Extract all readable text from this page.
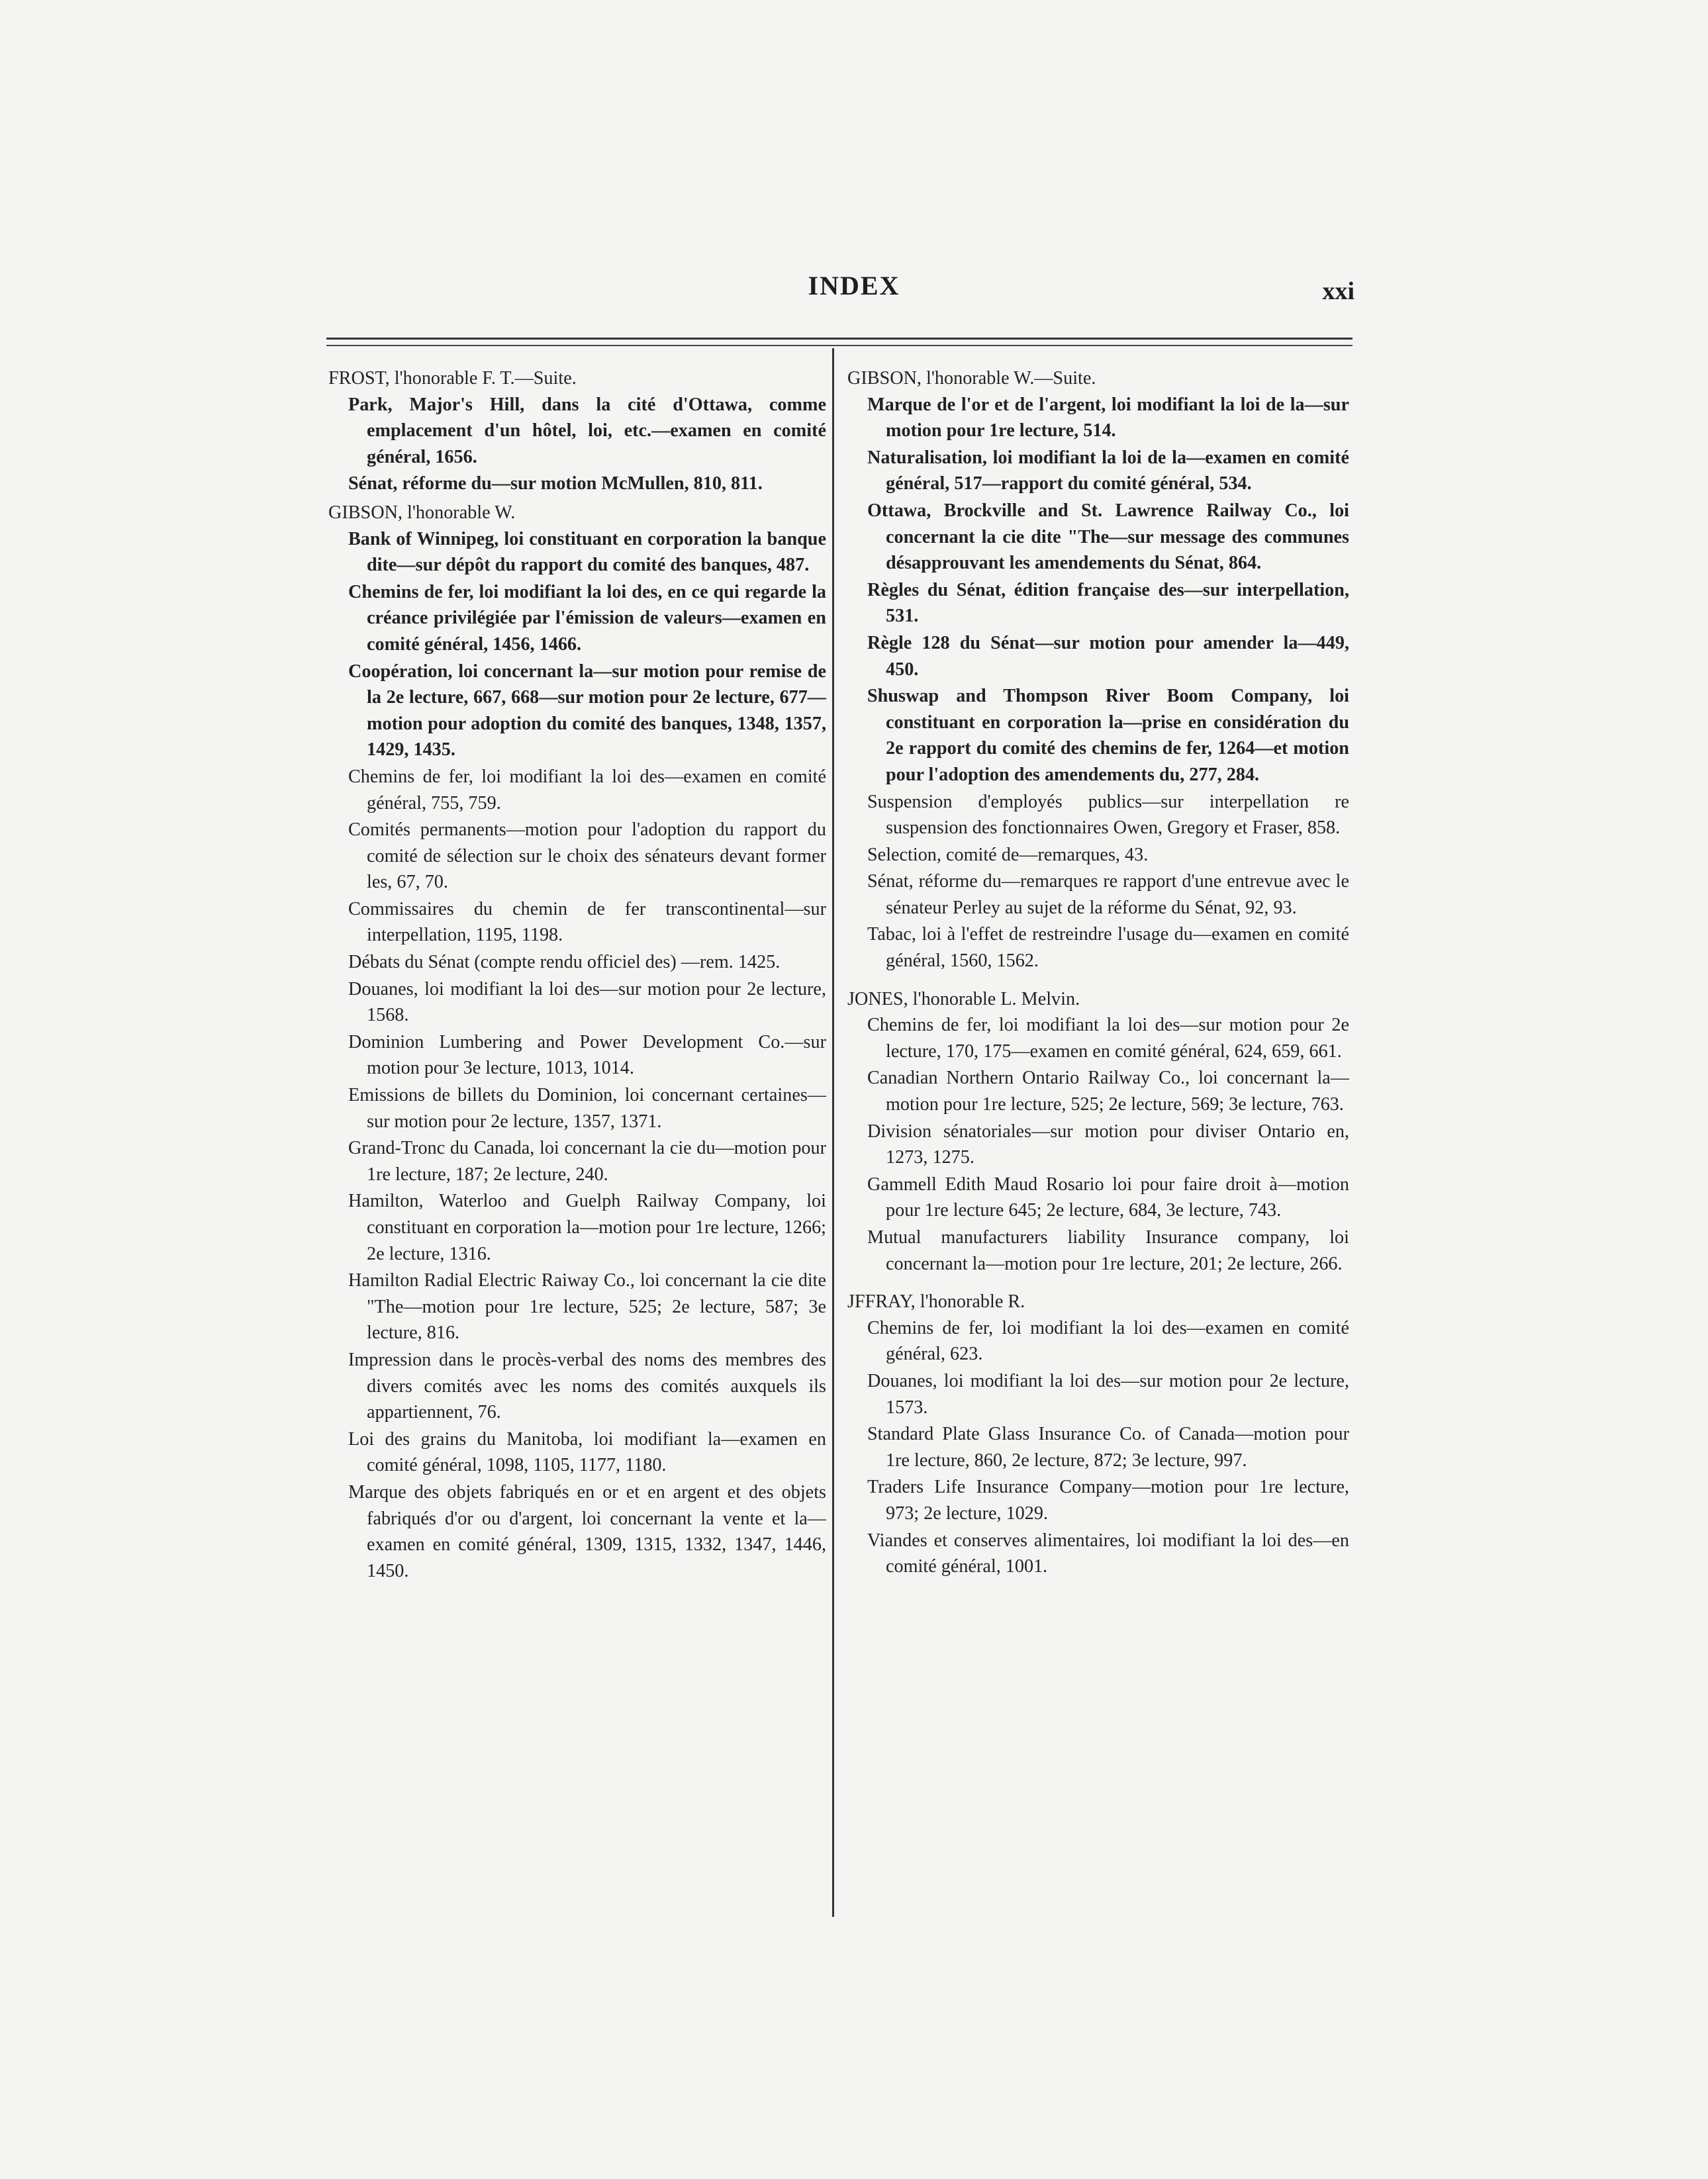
INDEX	xxi
FROST, l'honorable F. T.—Suite.
Park, Major's Hill, dans la cité d'Ottawa, comme emplacement d'un hôtel, loi, etc.—examen en comité général, 1656.
Sénat, réforme du—sur motion McMullen, 810, 811.
GIBSON, l'honorable W.
Bank of Winnipeg, loi constituant en corporation la banque dite—sur dépôt du rapport du comité des banques, 487.
Chemins de fer, loi modifiant la loi des, en ce qui regarde la créance privilégiée par l'émission de valeurs—examen en comité général, 1456, 1466.
Coopération, loi concernant la—sur motion pour remise de la 2e lecture, 667, 668—sur motion pour 2e lecture, 677—motion pour adoption du comité des banques, 1348, 1357, 1429, 1435.
Chemins de fer, loi modifiant la loi des—examen en comité général, 755, 759.
Comités permanents—motion pour l'adoption du rapport du comité de sélection sur le choix des sénateurs devant former les, 67, 70.
Commissaires du chemin de fer transcontinental—sur interpellation, 1195, 1198.
Débats du Sénat (compte rendu officiel des) —rem. 1425.
Douanes, loi modifiant la loi des—sur motion pour 2e lecture, 1568.
Dominion Lumbering and Power Development Co.—sur motion pour 3e lecture, 1013, 1014.
Emissions de billets du Dominion, loi concernant certaines—sur motion pour 2e lecture, 1357, 1371.
Grand-Tronc du Canada, loi concernant la cie du—motion pour 1re lecture, 187; 2e lecture, 240.
Hamilton, Waterloo and Guelph Railway Company, loi constituant en corporation la—motion pour 1re lecture, 1266; 2e lecture, 1316.
Hamilton Radial Electric Raiway Co., loi concernant la cie dite "The—motion pour 1re lecture, 525; 2e lecture, 587; 3e lecture, 816.
Impression dans le procès-verbal des noms des membres des divers comités avec les noms des comités auxquels ils appartiennent, 76.
Loi des grains du Manitoba, loi modifiant la—examen en comité général, 1098, 1105, 1177, 1180.
Marque des objets fabriqués en or et en argent et des objets fabriqués d'or ou d'argent, loi concernant la vente et la—examen en comité général, 1309, 1315, 1332, 1347, 1446, 1450.
GIBSON, l'honorable W.—Suite.
Marque de l'or et de l'argent, loi modifiant la loi de la—sur motion pour 1re lecture, 514.
Naturalisation, loi modifiant la loi de la—examen en comité général, 517—rapport du comité général, 534.
Ottawa, Brockville and St. Lawrence Railway Co., loi concernant la cie dite "The—sur message des communes désapprouvant les amendements du Sénat, 864.
Règles du Sénat, édition française des—sur interpellation, 531.
Règle 128 du Sénat—sur motion pour amender la—449, 450.
Shuswap and Thompson River Boom Company, loi constituant en corporation la—prise en considération du 2e rapport du comité des chemins de fer, 1264—et motion pour l'adoption des amendements du, 277, 284.
Suspension d'employés publics—sur interpellation re suspension des fonctionnaires Owen, Gregory et Fraser, 858.
Selection, comité de—remarques, 43.
Sénat, réforme du—remarques re rapport d'une entrevue avec le sénateur Perley au sujet de la réforme du Sénat, 92, 93.
Tabac, loi à l'effet de restreindre l'usage du—examen en comité général, 1560, 1562.
JONES, l'honorable L. Melvin.
Chemins de fer, loi modifiant la loi des—sur motion pour 2e lecture, 170, 175—examen en comité général, 624, 659, 661.
Canadian Northern Ontario Railway Co., loi concernant la—motion pour 1re lecture, 525; 2e lecture, 569; 3e lecture, 763.
Division sénatoriales—sur motion pour diviser Ontario en, 1273, 1275.
Gammell Edith Maud Rosario loi pour faire droit à—motion pour 1re lecture 645; 2e lecture, 684, 3e lecture, 743.
Mutual manufacturers liability Insurance company, loi concernant la—motion pour 1re lecture, 201; 2e lecture, 266.
JFFRAY, l'honorable R.
Chemins de fer, loi modifiant la loi des—examen en comité général, 623.
Douanes, loi modifiant la loi des—sur motion pour 2e lecture, 1573.
Standard Plate Glass Insurance Co. of Canada—motion pour 1re lecture, 860, 2e lecture, 872; 3e lecture, 997.
Traders Life Insurance Company—motion pour 1re lecture, 973; 2e lecture, 1029.
Viandes et conserves alimentaires, loi modifiant la loi des—en comité général, 1001.
